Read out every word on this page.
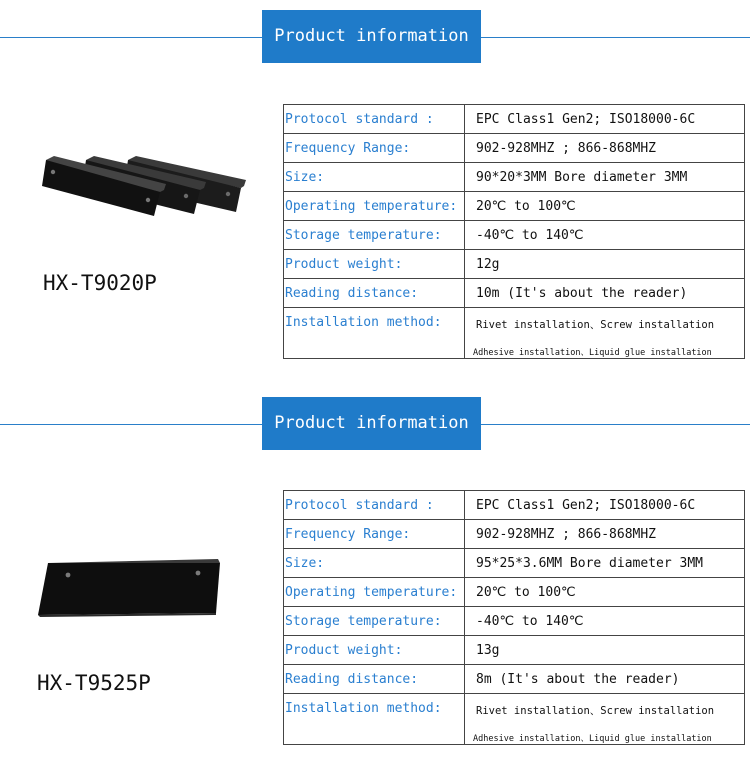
Product information
HX-T9020P
Protocol standard :	EPC Class1 Gen2; ISO18000-6C
Frequency Range:	902-928MHZ ; 866-868MHZ
Size:	90*20*3MM Bore diameter 3MM
Operating temperature:	20℃ to 100℃
Storage temperature:	-40℃ to 140℃
Product weight:	12g
Reading distance:	10m (It's about the reader)
Installation method:	Rivet installation、Screw installation
Adhesive installation、Liquid glue installation
Product information
HX-T9525P
Protocol standard :	EPC Class1 Gen2; ISO18000-6C
Frequency Range:	902-928MHZ ; 866-868MHZ
Size:	95*25*3.6MM Bore diameter 3MM
Operating temperature:	20℃ to 100℃
Storage temperature:	-40℃ to 140℃
Product weight:	13g
Reading distance:	8m (It's about the reader)
Installation method:	Rivet installation、Screw installation
Adhesive installation、Liquid glue installation
